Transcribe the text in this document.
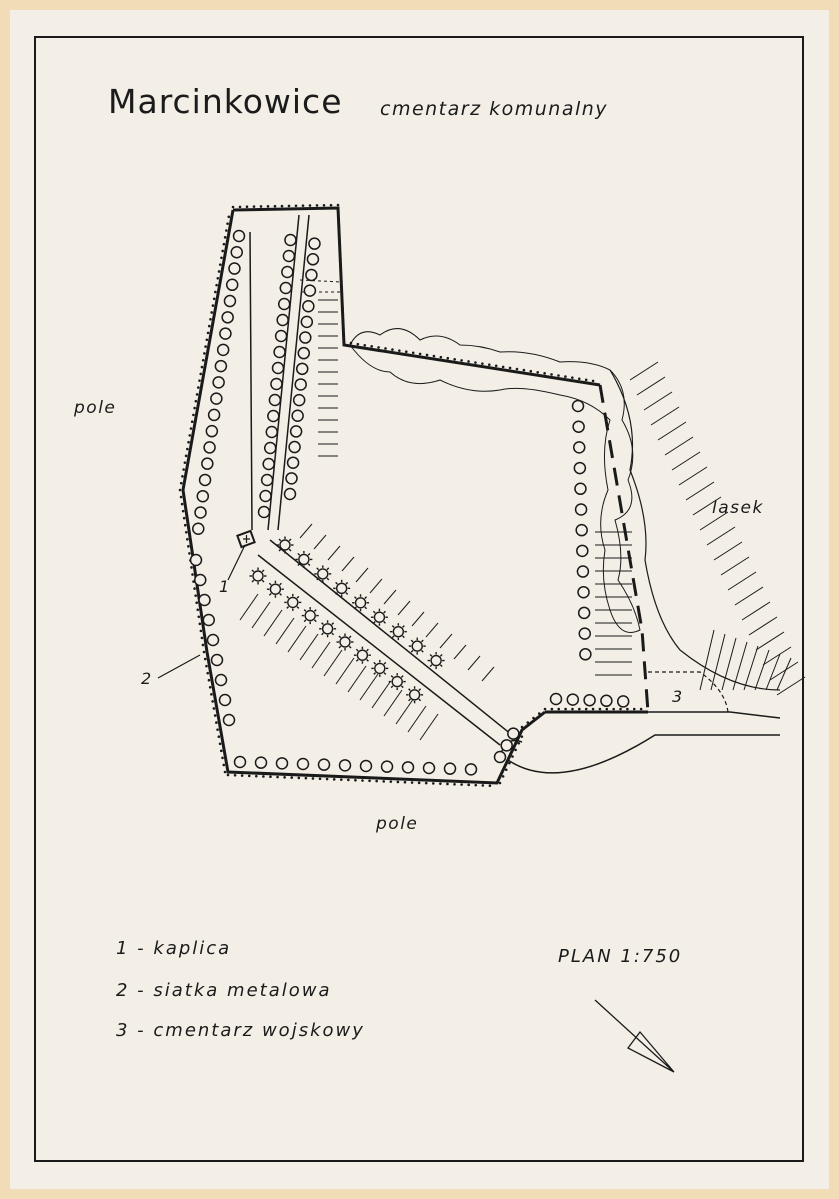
Marcinkowice cmentarz komunalny
pole
pole
lasek
1
2
3
1 - kaplica
2 - siatka metalowa
3 - cmentarz wojskowy
PLAN 1:750
